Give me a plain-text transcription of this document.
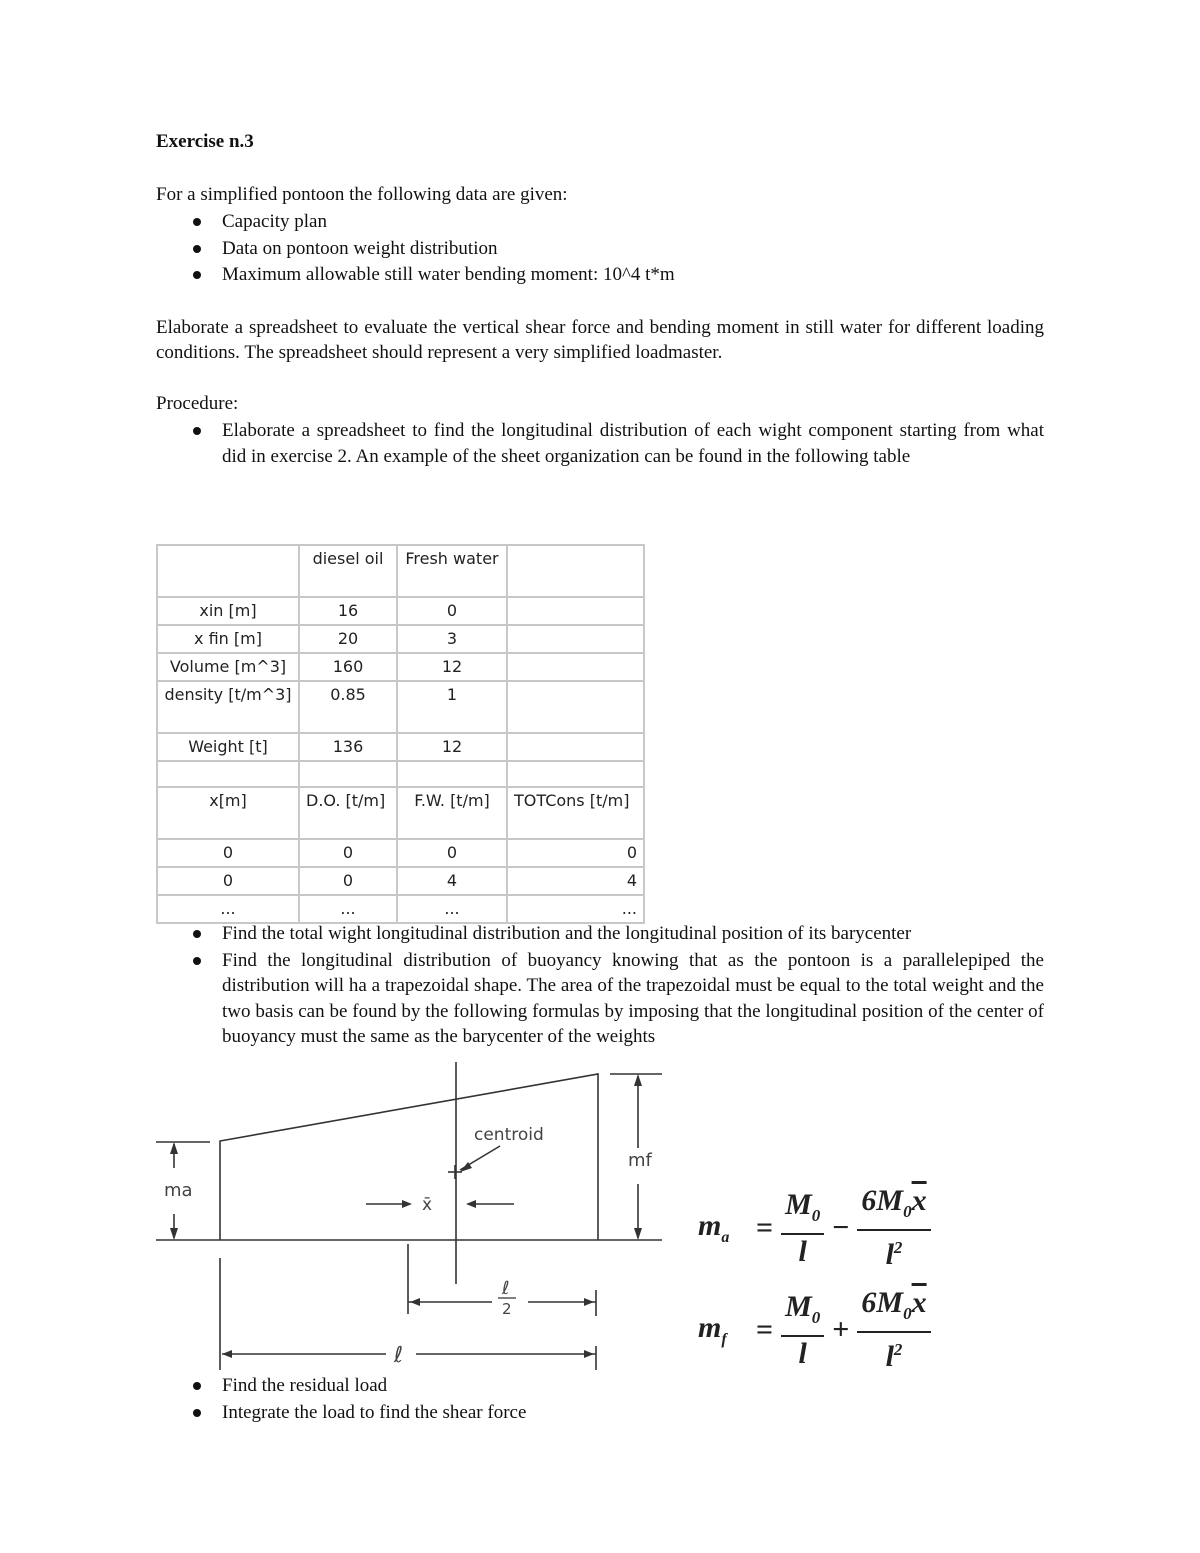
Exercise n.3
For a simplified pontoon the following data are given:
Capacity plan
Data on pontoon weight distribution
Maximum allowable still water bending moment: 10^4 t*m
Elaborate a spreadsheet to evaluate the vertical shear force and bending moment in still water for different loading conditions. The spreadsheet should represent a very simplified loadmaster.
Procedure:
Elaborate a spreadsheet to find the longitudinal distribution of each wight component starting from what did in exercise 2. An example of the sheet organization can be found in the following table
	diesel oil	Fresh water	
xin [m]	16	0	
x fin [m]	20	3	
Volume [m^3]	160	12	
density [t/m^3]	0.85	1	
Weight [t]	136	12	

x[m]	D.O. [t/m]	F.W. [t/m]	TOTCons [t/m]
0	0	0	0
0	0	4	4
...	...	...	...
Find the total wight longitudinal distribution and the longitudinal position of its barycenter
Find the longitudinal distribution of buoyancy knowing that as the pontoon is a parallelepiped the distribution will ha a trapezoidal shape. The area of the trapezoidal must be equal to the total weight and the two basis can be found by the following formulas by imposing that the longitudinal position of the center of buoyancy must the same as the barycenter of the weights
centroid
ma
mf
x̄
ℓ
2
ℓ
$m_a = \frac{M_0}{l} - \frac{6M_0\overline{x}}{l^2}$
$m_f = \frac{M_0}{l} + \frac{6M_0\overline{x}}{l^2}$
Find the residual load
Integrate the load to find the shear force
